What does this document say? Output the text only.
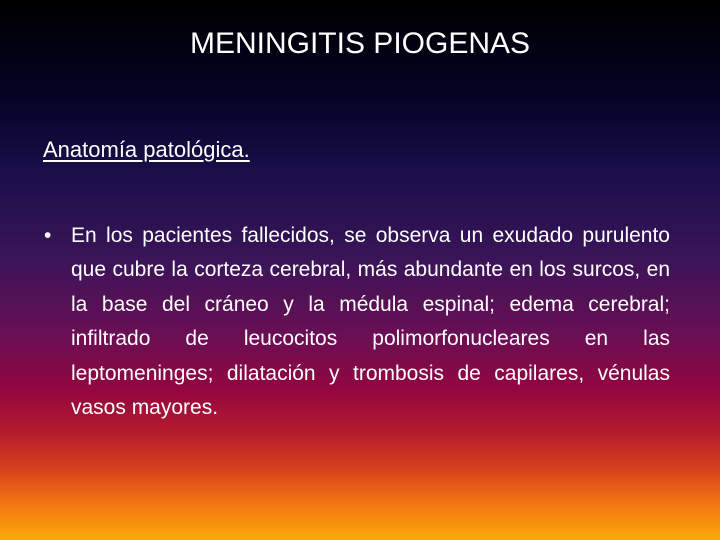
MENINGITIS PIOGENAS
Anatomía patológica.
• En los pacientes fallecidos, se observa un exudado purulento que cubre la corteza cerebral, más abundante en los surcos, en la base del cráneo y la médula espinal; edema cerebral; infiltrado de leucocitos polimorfonucleares en las leptomeninges; dilatación y trombosis de capilares, vénulas vasos mayores.
